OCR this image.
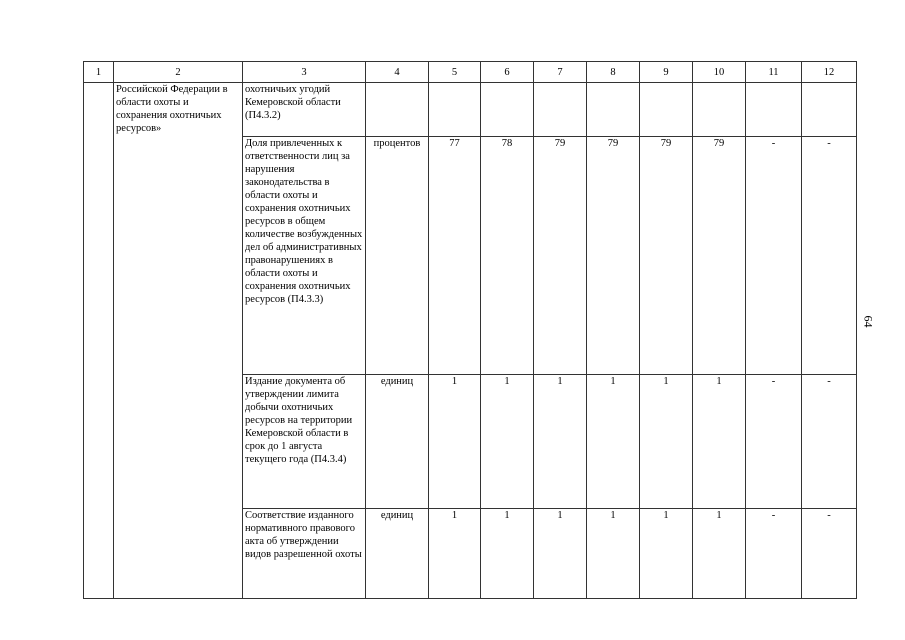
1	2	3	4	5	6	7	8	9	10	11	12
	Российской Федерации в области охоты и сохранения охотничьих ресурсов»	охотничьих угодий Кемеровской области (П4.3.2)									
		Доля привлеченных к ответственности лиц за нарушения законодательства в области охоты и сохранения охотничьих ресурсов в общем количестве возбужденных дел об административных правонарушениях в области охоты и сохранения охотничьих ресурсов (П4.3.3)	процентов	77	78	79	79	79	79	-	-
		Издание документа об утверждении лимита добычи охотничьих ресурсов на территории Кемеровской области в срок до 1 августа текущего года (П4.3.4)	единиц	1	1	1	1	1	1	-	-
		Соответствие изданного нормативного правового акта об утверждении видов разрешенной охоты	единиц	1	1	1	1	1	1	-	-
64
